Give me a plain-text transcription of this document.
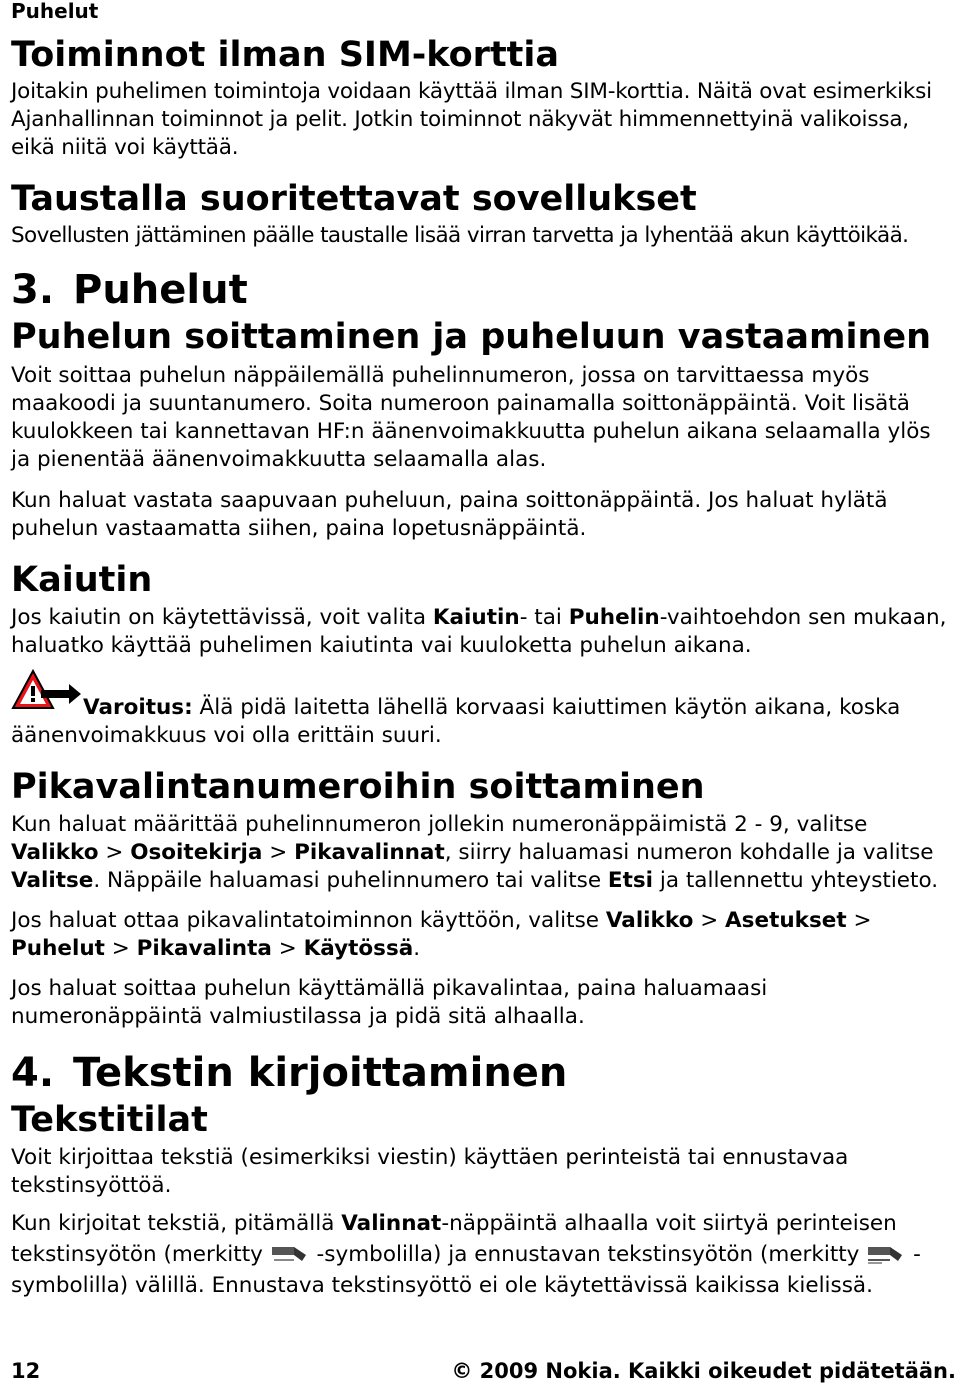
Puhelut
Toiminnot ilman SIM-korttia

Joitakin puhelimen toimintoja voidaan käyttää ilman SIM-korttia. Näitä ovat esimerkiksi Ajanhallinnan toiminnot ja pelit. Jotkin toiminnot näkyvät himmennettyinä valikoissa, eikä niitä voi käyttää.

Taustalla suoritettavat sovellukset

Sovellusten jättäminen päälle taustalle lisää virran tarvetta ja lyhentää akun käyttöikää.

3. Puhelut
Puhelun soittaminen ja puheluun vastaaminen

Voit soittaa puhelun näppäilemällä puhelinnumeron, jossa on tarvittaessa myös maakoodi ja suuntanumero. Soita numeroon painamalla soittonäppäintä. Voit lisätä kuulokkeen tai kannettavan HF:n äänenvoimakkuutta puhelun aikana selaamalla ylös ja pienentää äänenvoimakkuutta selaamalla alas.

Kun haluat vastata saapuvaan puheluun, paina soittonäppäintä. Jos haluat hylätä puhelun vastaamatta siihen, paina lopetusnäppäintä.

Kaiutin

Jos kaiutin on käytettävissä, voit valita Kaiutin- tai Puhelin-vaihtoehdon sen mukaan, haluatko käyttää puhelimen kaiutinta vai kuuloketta puhelun aikana.

Varoitus: Älä pidä laitetta lähellä korvaasi kaiuttimen käytön aikana, koska äänenvoimakkuus voi olla erittäin suuri.

Pikavalintanumeroihin soittaminen

Kun haluat määrittää puhelinnumeron jollekin numeronäppäimistä 2 - 9, valitse Valikko > Osoitekirja > Pikavalinnat, siirry haluamasi numeron kohdalle ja valitse Valitse. Näppäile haluamasi puhelinnumero tai valitse Etsi ja tallennettu yhteystieto.

Jos haluat ottaa pikavalintatoiminnon käyttöön, valitse Valikko > Asetukset > Puhelut > Pikavalinta > Käytössä.

Jos haluat soittaa puhelun käyttämällä pikavalintaa, paina haluamaasi numeronäppäintä valmiustilassa ja pidä sitä alhaalla.

4. Tekstin kirjoittaminen
Tekstitilat

Voit kirjoittaa tekstiä (esimerkiksi viestin) käyttäen perinteistä tai ennustavaa tekstinsyöttöä.

Kun kirjoitat tekstiä, pitämällä Valinnat-näppäintä alhaalla voit siirtyä perinteisen tekstinsyötön (merkitty  -symbolilla) ja ennustavan tekstinsyötön (merkitty  -symbolilla) välillä. Ennustava tekstinsyöttö ei ole käytettävissä kaikissa kielissä.

12	© 2009 Nokia. Kaikki oikeudet pidätetään.
